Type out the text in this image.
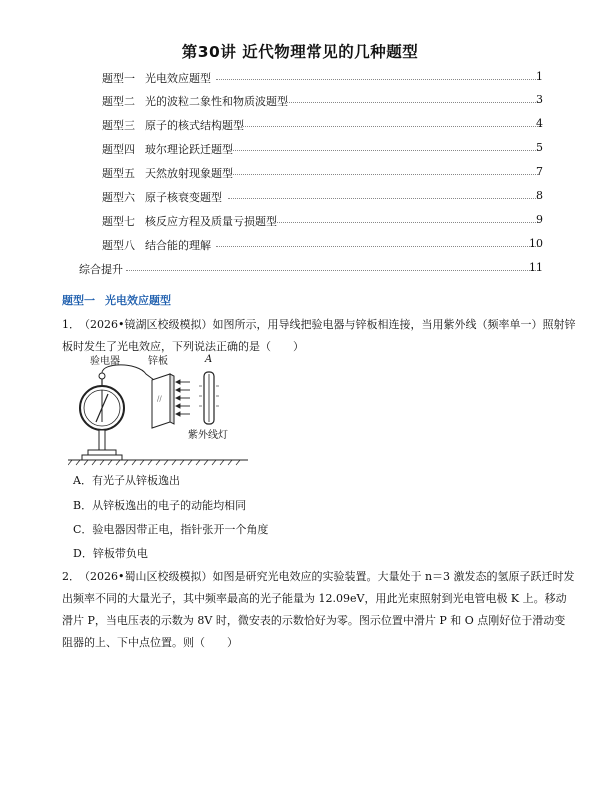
第30讲 近代物理常见的几种题型
题型一 光电效应题型	1
题型二 光的波粒二象性和物质波题型	3
题型三 原子的核式结构题型	4
题型四 玻尔理论跃迁题型	5
题型五 天然放射现象题型	7
题型六 原子核衰变题型	8
题型七 核反应方程及质量亏损题型	9
题型八 结合能的理解	10
综合提升	11
题型一 光电效应题型
1． （2026•镜湖区校级模拟）如图所示，用导线把验电器与锌板相连接，当用紫外线（频率单一）照射锌
板时发生了光电效应，下列说法正确的是（　　）
//
验电器	锌板	A
紫外线灯
A．有光子从锌板逸出
B．从锌板逸出的电子的动能均相同
C．验电器因带正电，指针张开一个角度
D．锌板带负电
2． （2026•蜀山区校级模拟）如图是研究光电效应的实验装置。大量处于 n＝3 激发态的氢原子跃迁时发
出频率不同的大量光子，其中频率最高的光子能量为 12.09eV，用此光束照射到光电管电极 K 上。移动
滑片 P，当电压表的示数为 8V 时，微安表的示数恰好为零。图示位置中滑片 P 和 O 点刚好位于滑动变
阻器的上、下中点位置。则（　　）
